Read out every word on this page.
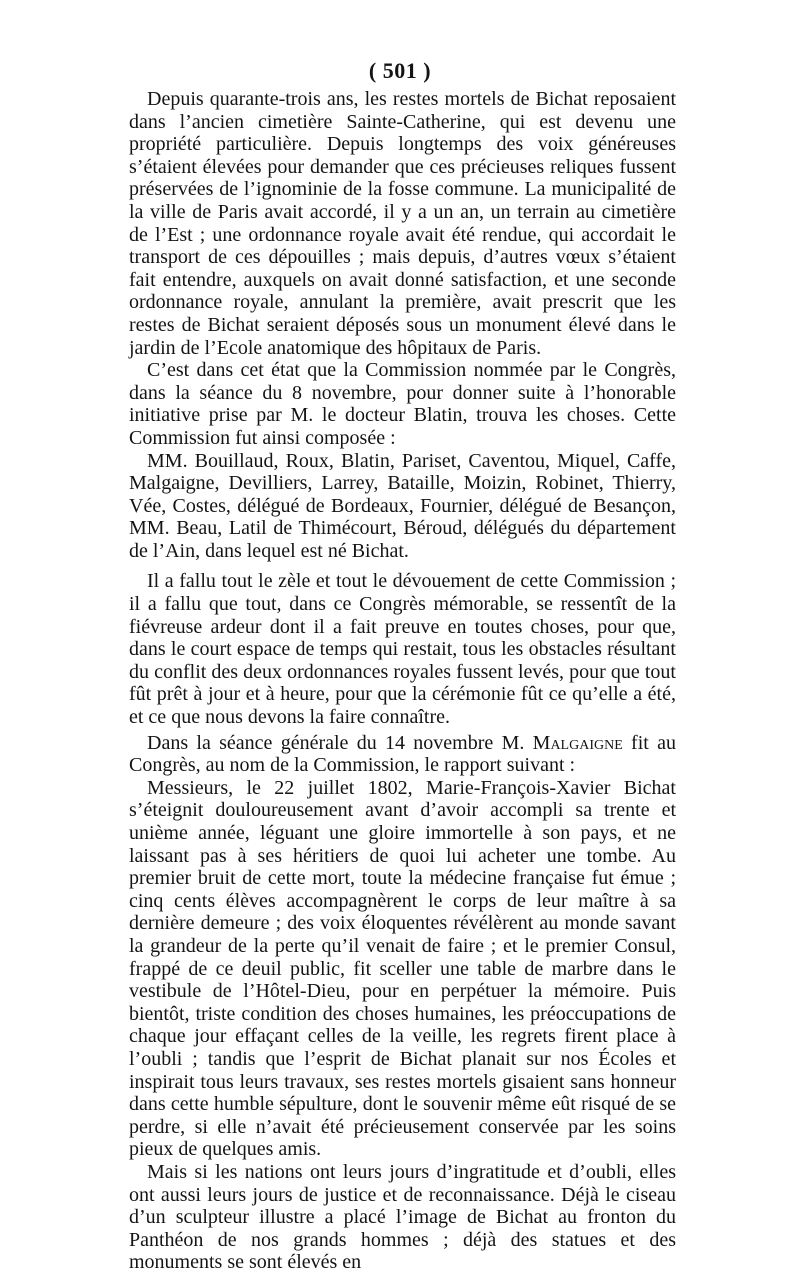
( 501 )

Depuis quarante-trois ans, les restes mortels de Bichat reposaient dans l’ancien cimetière Sainte-Catherine, qui est devenu une propriété particulière. Depuis longtemps des voix généreuses s’étaient élevées pour demander que ces précieuses reliques fussent préservées de l’ignominie de la fosse commune. La municipalité de la ville de Paris avait accordé, il y a un an, un terrain au cimetière de l’Est ; une ordonnance royale avait été rendue, qui accordait le transport de ces dépouilles ; mais depuis, d’autres vœux s’étaient fait entendre, auxquels on avait donné satisfaction, et une seconde ordonnance royale, annulant la première, avait prescrit que les restes de Bichat seraient déposés sous un monument élevé dans le jardin de l’Ecole anatomique des hôpitaux de Paris.

C’est dans cet état que la Commission nommée par le Congrès, dans la séance du 8 novembre, pour donner suite à l’honorable initiative prise par M. le docteur Blatin, trouva les choses. Cette Commission fut ainsi composée :

MM. Bouillaud, Roux, Blatin, Pariset, Caventou, Miquel, Caffe, Malgaigne, Devilliers, Larrey, Bataille, Moizin, Robinet, Thierry, Vée, Costes, délégué de Bordeaux, Fournier, délégué de Besançon, MM. Beau, Latil de Thimécourt, Béroud, délégués du département de l’Ain, dans lequel est né Bichat.

Il a fallu tout le zèle et tout le dévouement de cette Commission ; il a fallu que tout, dans ce Congrès mémorable, se ressentît de la fiévreuse ardeur dont il a fait preuve en toutes choses, pour que, dans le court espace de temps qui restait, tous les obstacles résultant du conflit des deux ordonnances royales fussent levés, pour que tout fût prêt à jour et à heure, pour que la cérémonie fût ce qu’elle a été, et ce que nous devons la faire connaître.

Dans la séance générale du 14 novembre M. Malgaigne fit au Congrès, au nom de la Commission, le rapport suivant :

Messieurs, le 22 juillet 1802, Marie-François-Xavier Bichat s’éteignit douloureusement avant d’avoir accompli sa trente et unième année, léguant une gloire immortelle à son pays, et ne laissant pas à ses héritiers de quoi lui acheter une tombe. Au premier bruit de cette mort, toute la médecine française fut émue ; cinq cents élèves accompagnèrent le corps de leur maître à sa dernière demeure ; des voix éloquentes révélèrent au monde savant la grandeur de la perte qu’il venait de faire ; et le premier Consul, frappé de ce deuil public, fit sceller une table de marbre dans le vestibule de l’Hôtel-Dieu, pour en perpétuer la mémoire. Puis bientôt, triste condition des choses humaines, les préoccupations de chaque jour effaçant celles de la veille, les regrets firent place à l’oubli ; tandis que l’esprit de Bichat planait sur nos Écoles et inspirait tous leurs travaux, ses restes mortels gisaient sans honneur dans cette humble sépulture, dont le souvenir même eût risqué de se perdre, si elle n’avait été précieusement conservée par les soins pieux de quelques amis.

Mais si les nations ont leurs jours d’ingratitude et d’oubli, elles ont aussi leurs jours de justice et de reconnaissance. Déjà le ciseau d’un sculpteur illustre a placé l’image de Bichat au fronton du Panthéon de nos grands hommes ; déjà des statues et des monuments se sont élevés en
